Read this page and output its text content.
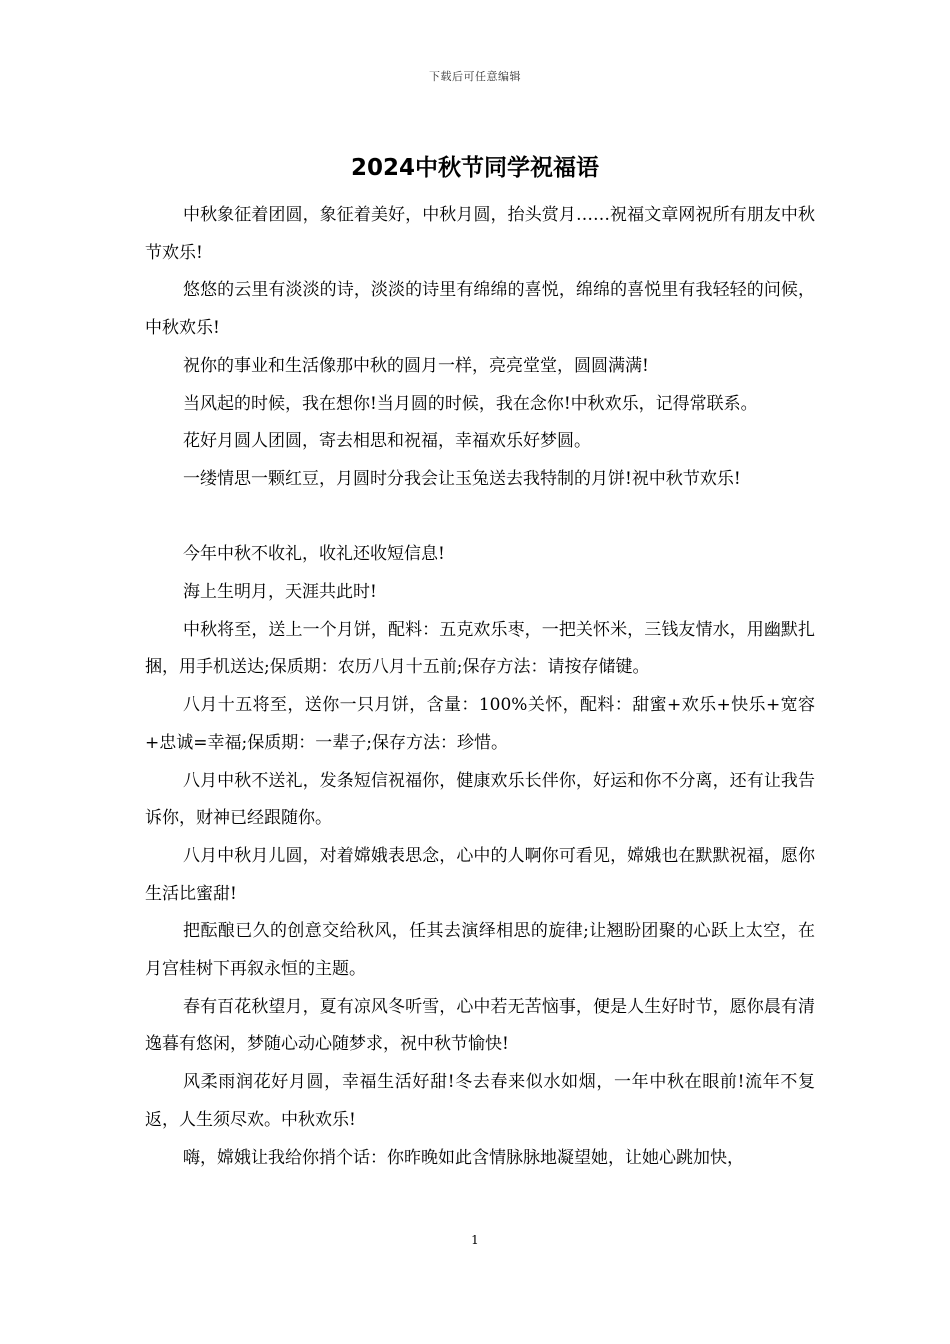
下载后可任意编辑
2024中秋节同学祝福语

中秋象征着团圆，象征着美好，中秋月圆，抬头赏月……祝福文章网祝所有朋友中秋节欢乐!

悠悠的云里有淡淡的诗，淡淡的诗里有绵绵的喜悦，绵绵的喜悦里有我轻轻的问候，中秋欢乐!

祝你的事业和生活像那中秋的圆月一样，亮亮堂堂，圆圆满满!

当风起的时候，我在想你!当月圆的时候，我在念你!中秋欢乐，记得常联系。

花好月圆人团圆，寄去相思和祝福，幸福欢乐好梦圆。

一缕情思一颗红豆，月圆时分我会让玉兔送去我特制的月饼!祝中秋节欢乐!

今年中秋不收礼，收礼还收短信息!

海上生明月，天涯共此时!

中秋将至，送上一个月饼，配料：五克欢乐枣，一把关怀米，三钱友情水，用幽默扎捆，用手机送达;保质期：农历八月十五前;保存方法：请按存储键。

八月十五将至，送你一只月饼，含量：100%关怀，配料：甜蜜+欢乐+快乐+宽容+忠诚=幸福;保质期：一辈子;保存方法：珍惜。

八月中秋不送礼，发条短信祝福你，健康欢乐长伴你，好运和你不分离，还有让我告诉你，财神已经跟随你。

八月中秋月儿圆，对着嫦娥表思念，心中的人啊你可看见，嫦娥也在默默祝福，愿你生活比蜜甜!

把酝酿已久的创意交给秋风，任其去演绎相思的旋律;让翘盼团聚的心跃上太空，在月宫桂树下再叙永恒的主题。

春有百花秋望月，夏有凉风冬听雪，心中若无苦恼事，便是人生好时节，愿你晨有清逸暮有悠闲，梦随心动心随梦求，祝中秋节愉快!

风柔雨润花好月圆，幸福生活好甜!冬去春来似水如烟，一年中秋在眼前!流年不复返，人生须尽欢。中秋欢乐!

嗨，嫦娥让我给你捎个话：你昨晚如此含情脉脉地凝望她，让她心跳加快，

1
